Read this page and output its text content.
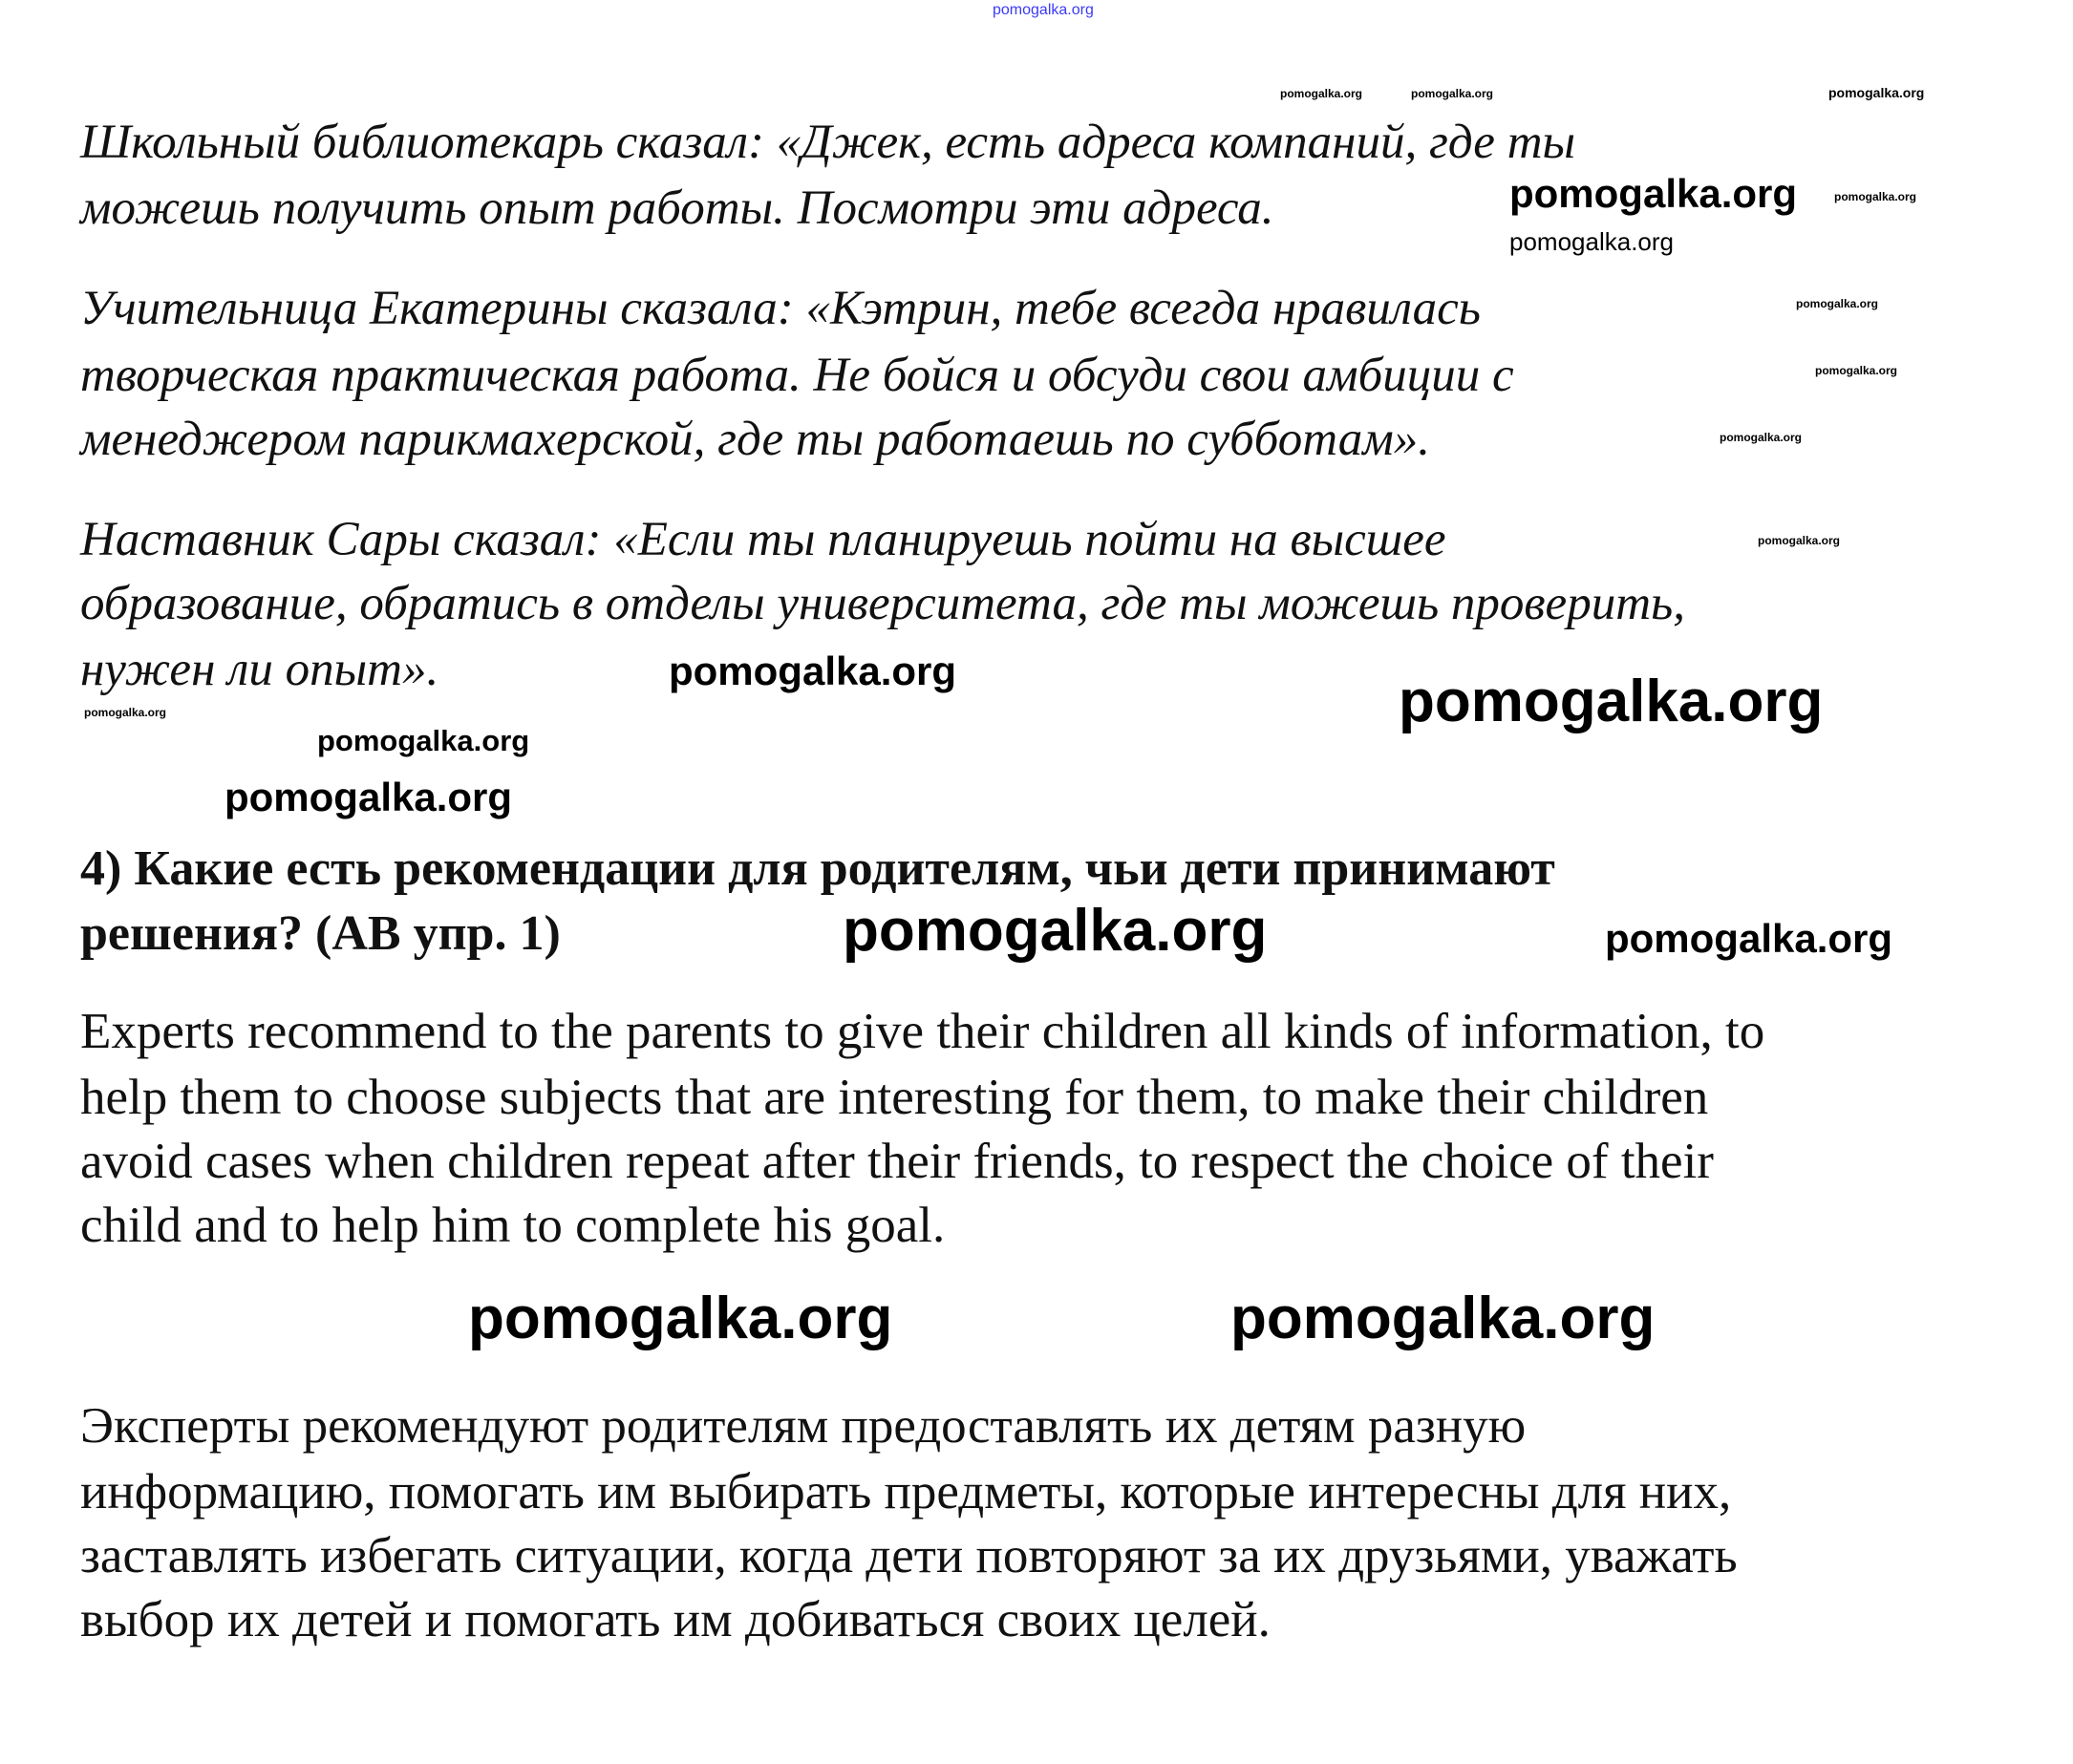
pomogalka.org
pomogalka.org	pomogalka.org	pomogalka.org
pomogalka.org
pomogalka.org
pomogalka.org
pomogalka.org
pomogalka.org
pomogalka.org
pomogalka.org
pomogalka.org
pomogalka.org
pomogalka.org	pomogalka.org
pomogalka.org
pomogalka.org	pomogalka.org
pomogalka.org	pomogalka.org
Школьный библиотекарь сказал: «Джек, есть адреса компаний, где ты
можешь получить опыт работы. Посмотри эти адреса.
Учительница Екатерины сказала: «Кэтрин, тебе всегда нравилась
творческая практическая работа. Не бойся и обсуди свои амбиции с
менеджером парикмахерской, где ты работаешь по субботам».
Наставник Сары сказал: «Если ты планируешь пойти на высшее
образование, обратись в отделы университета, где ты можешь проверить,
нужен ли опыт».
4) Какие есть рекомендации для родителям, чьи дети принимают
решения? (AB упр. 1)
Experts recommend to the parents to give their children all kinds of information, to
help them to choose subjects that are interesting for them, to make their children
avoid cases when children repeat after their friends, to respect the choice of their
child and to help him to complete his goal.
Эксперты рекомендуют родителям предоставлять их детям разную
информацию, помогать им выбирать предметы, которые интересны для них,
заставлять избегать ситуации, когда дети повторяют за их друзьями, уважать
выбор их детей и помогать им добиваться своих целей.
